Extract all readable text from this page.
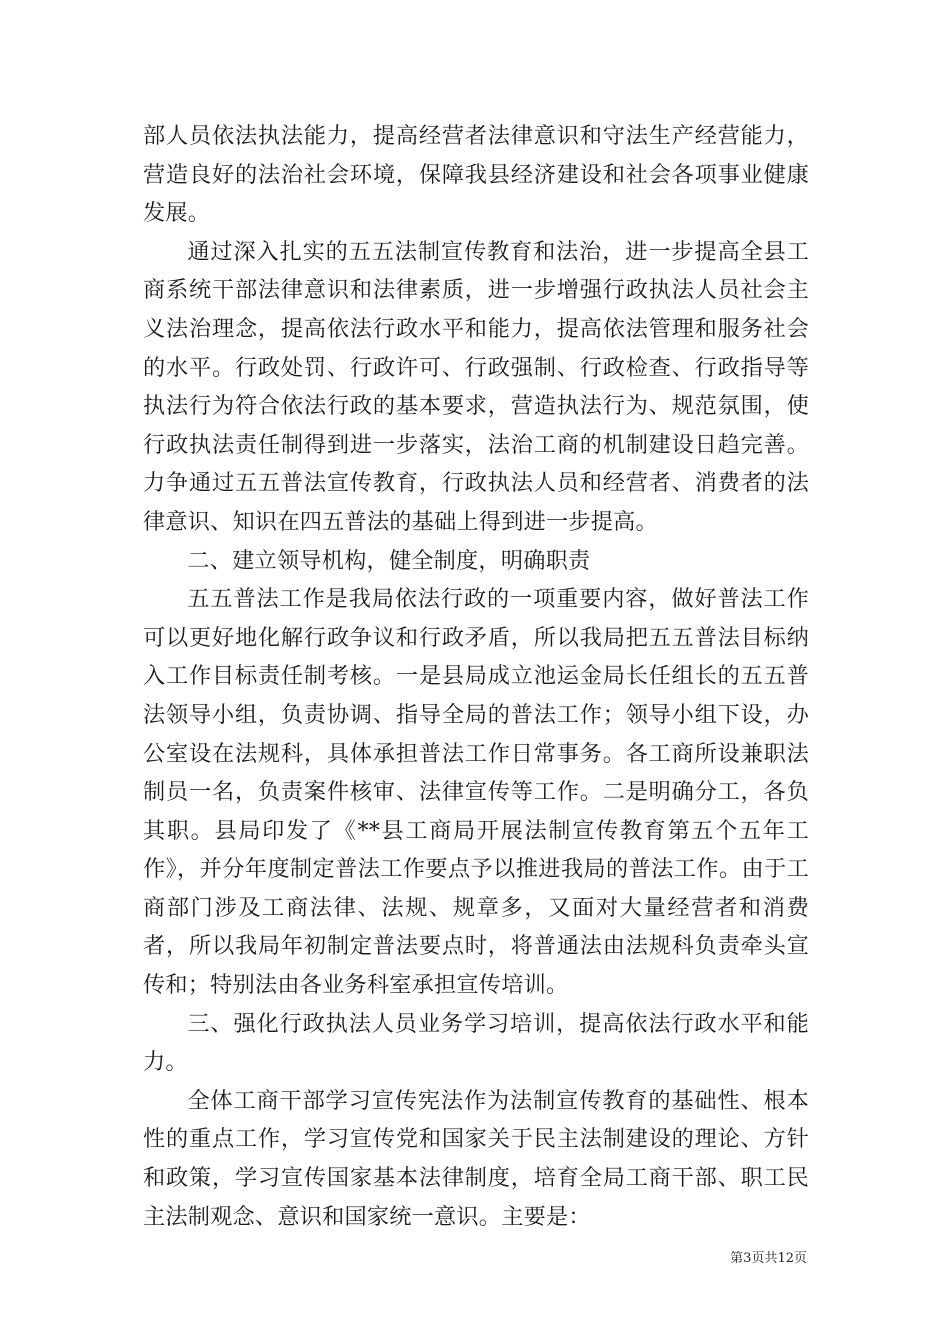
部人员依法执法能力，提高经营者法律意识和守法生产经营能力，营造良好的法治社会环境，保障我县经济建设和社会各项事业健康发展。

通过深入扎实的五五法制宣传教育和法治，进一步提高全县工商系统干部法律意识和法律素质，进一步增强行政执法人员社会主义法治理念，提高依法行政水平和能力，提高依法管理和服务社会的水平。行政处罚、行政许可、行政强制、行政检查、行政指导等执法行为符合依法行政的基本要求，营造执法行为、规范氛围，使行政执法责任制得到进一步落实，法治工商的机制建设日趋完善。力争通过五五普法宣传教育，行政执法人员和经营者、消费者的法律意识、知识在四五普法的基础上得到进一步提高。

二、建立领导机构，健全制度，明确职责

五五普法工作是我局依法行政的一项重要内容，做好普法工作可以更好地化解行政争议和行政矛盾，所以我局把五五普法目标纳入工作目标责任制考核。一是县局成立池运金局长任组长的五五普法领导小组，负责协调、指导全局的普法工作；领导小组下设，办公室设在法规科，具体承担普法工作日常事务。各工商所设兼职法制员一名，负责案件核审、法律宣传等工作。二是明确分工，各负其职。县局印发了《**县工商局开展法制宣传教育第五个五年工作》，并分年度制定普法工作要点予以推进我局的普法工作。由于工商部门涉及工商法律、法规、规章多，又面对大量经营者和消费者，所以我局年初制定普法要点时，将普通法由法规科负责牵头宣传和；特别法由各业务科室承担宣传培训。

三、强化行政执法人员业务学习培训，提高依法行政水平和能力。

全体工商干部学习宣传宪法作为法制宣传教育的基础性、根本性的重点工作，学习宣传党和国家关于民主法制建设的理论、方针和政策，学习宣传国家基本法律制度，培育全局工商干部、职工民主法制观念、意识和国家统一意识。主要是：

第3页共12页
